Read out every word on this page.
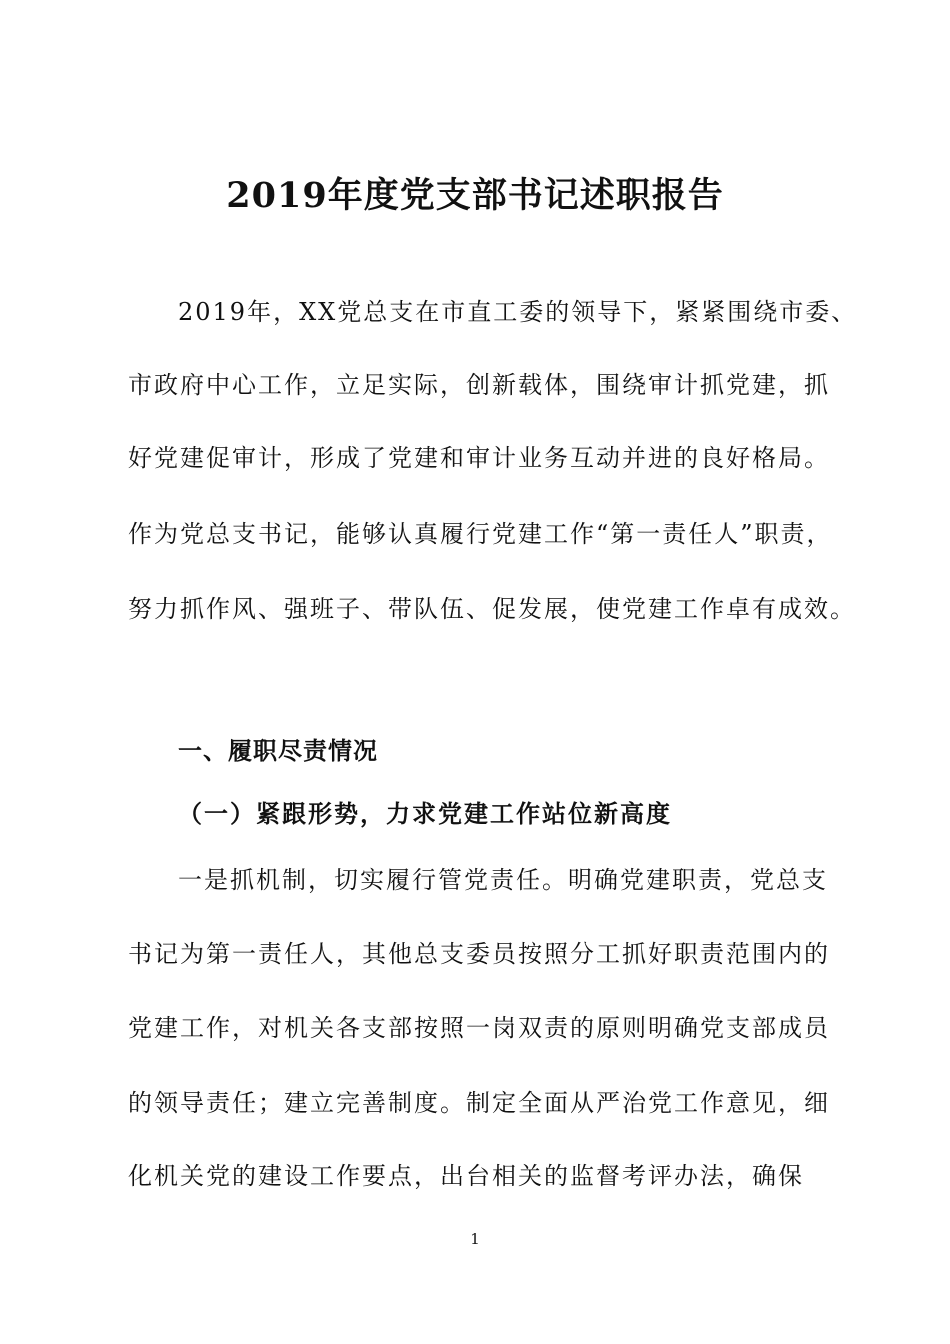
2019年度党支部书记述职报告

2019年，XX党总支在市直工委的领导下，紧紧围绕市委、

市政府中心工作，立足实际，创新载体，围绕审计抓党建，抓

好党建促审计，形成了党建和审计业务互动并进的良好格局。

作为党总支书记，能够认真履行党建工作“第一责任人”职责，

努力抓作风、强班子、带队伍、促发展，使党建工作卓有成效。

一、履职尽责情况
（一）紧跟形势，力求党建工作站位新高度

一是抓机制，切实履行管党责任。明确党建职责，党总支

书记为第一责任人，其他总支委员按照分工抓好职责范围内的

党建工作，对机关各支部按照一岗双责的原则明确党支部成员

的领导责任；建立完善制度。制定全面从严治党工作意见，细

化机关党的建设工作要点，出台相关的监督考评办法，确保

1
